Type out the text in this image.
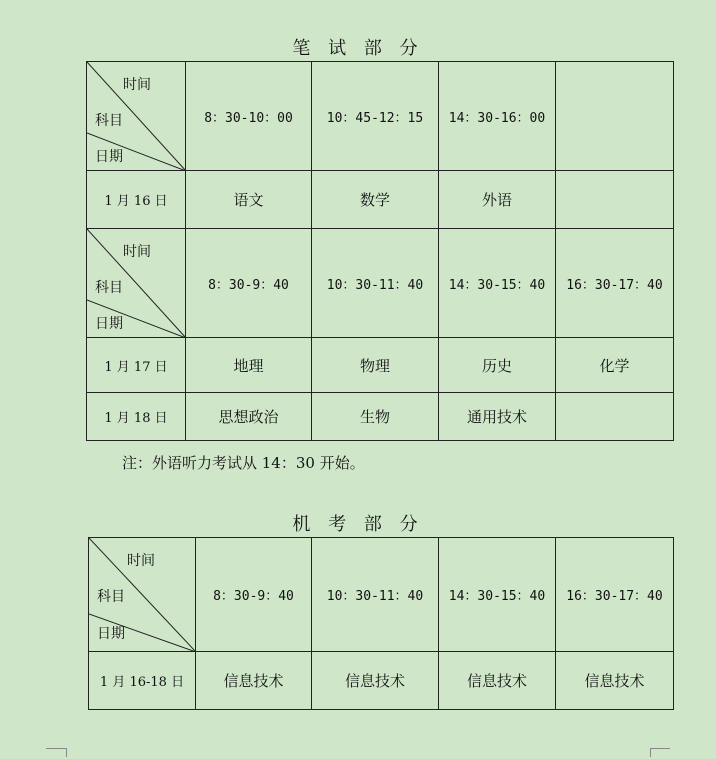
笔 试 部 分
时间
科目
日期	8：30-10：00	10：45-12：15	14：30-16：00	
1 月 16 日	语文	数学	外语	

时间
科目
日期	8：30-9：40	10：30-11：40	14：30-15：40	16：30-17：40
1 月 17 日	地理	物理	历史	化学
1 月 18 日	思想政治	生物	通用技术	
注：外语听力考试从 14：30 开始。
机 考 部 分
时间
科目
日期	8：30-9：40	10：30-11：40	14：30-15：40	16：30-17：40
1 月 16-18 日	信息技术	信息技术	信息技术	信息技术
